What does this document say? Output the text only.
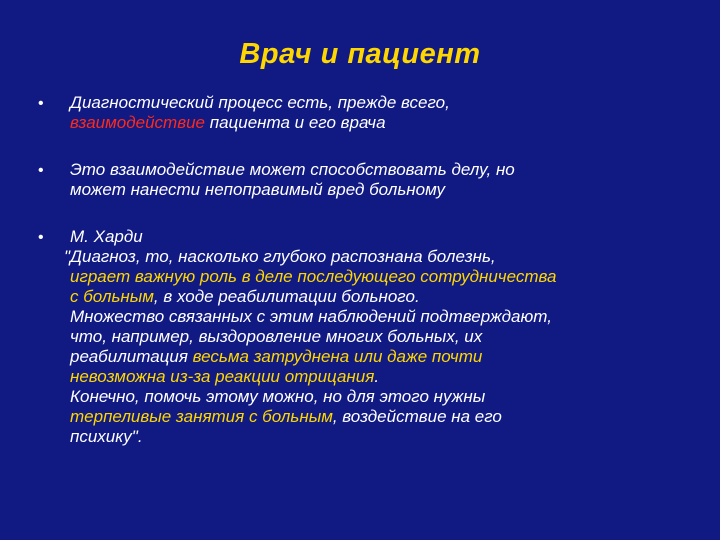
Врач и пациент
• Диагностический процесс есть, прежде всего,
взаимодействие пациента и его врача
• Это взаимодействие может способствовать делу, но
может нанести непоправимый вред больному
• М. Харди
"Диагноз, то, насколько глубоко распознана болезнь,
играет важную роль в деле последующего сотрудничества
с больным, в ходе реабилитации больного.
Множество связанных с этим наблюдений подтверждают,
что, например, выздоровление многих больных, их
реабилитация весьма затруднена или даже почти
невозможна из-за реакции отрицания.
Конечно, помочь этому можно, но для этого нужны
терпеливые занятия с больным, воздействие на его
психику".
